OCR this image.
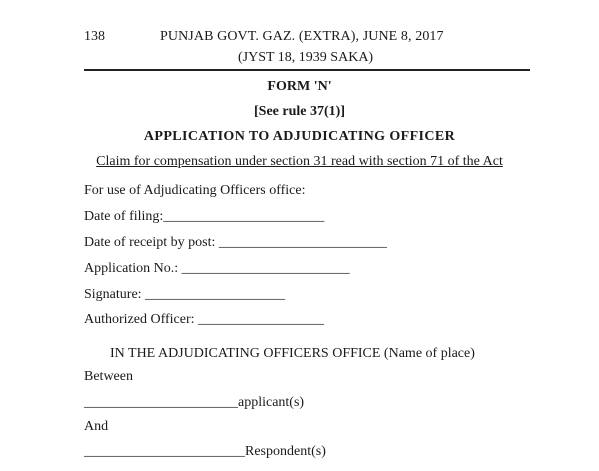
138	PUNJAB GOVT. GAZ. (EXTRA), JUNE 8, 2017
(JYST 18, 1939 SAKA)
FORM 'N'
[See rule 37(1)]
APPLICATION TO ADJUDICATING OFFICER
Claim for compensation under section 31 read with section 71 of the Act
For use of Adjudicating Officers office:
Date of filing:_______________________
Date of receipt by post: ________________________
Application No.: ________________________
Signature: ____________________
Authorized Officer: __________________
IN THE ADJUDICATING OFFICERS OFFICE (Name of place)
Between
______________________applicant(s)
And
_______________________Respondent(s)
